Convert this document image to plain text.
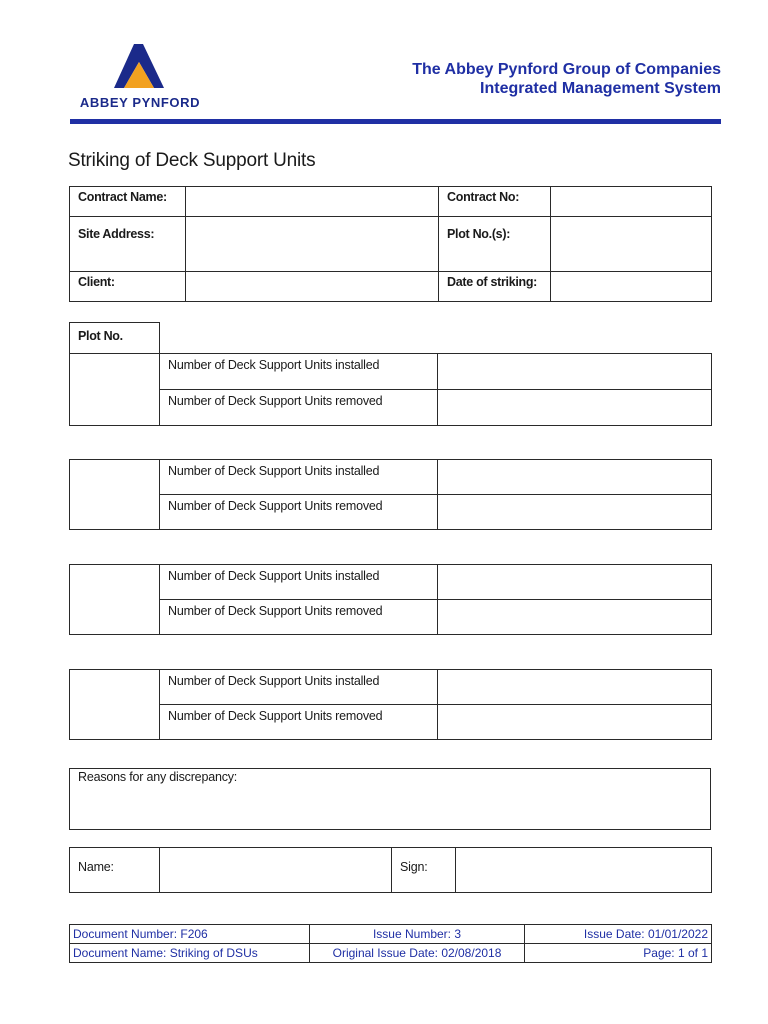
ABBEY PYNFORD
The Abbey Pynford Group of Companies
Integrated Management System
Striking of Deck Support Units
Contract Name:		Contract No:	
Site Address:		Plot No.(s):	
Client:		Date of striking:	
Plot No.
	Number of Deck Support Units installed	
	Number of Deck Support Units removed	
	Number of Deck Support Units installed	
	Number of Deck Support Units removed	
	Number of Deck Support Units installed	
	Number of Deck Support Units removed	
	Number of Deck Support Units installed	
	Number of Deck Support Units removed	
Reasons for any discrepancy:
Name:		Sign:	
Document Number: F206	Issue Number: 3	Issue Date: 01/01/2022
Document Name: Striking of DSUs	Original Issue Date: 02/08/2018	Page: 1 of 1
